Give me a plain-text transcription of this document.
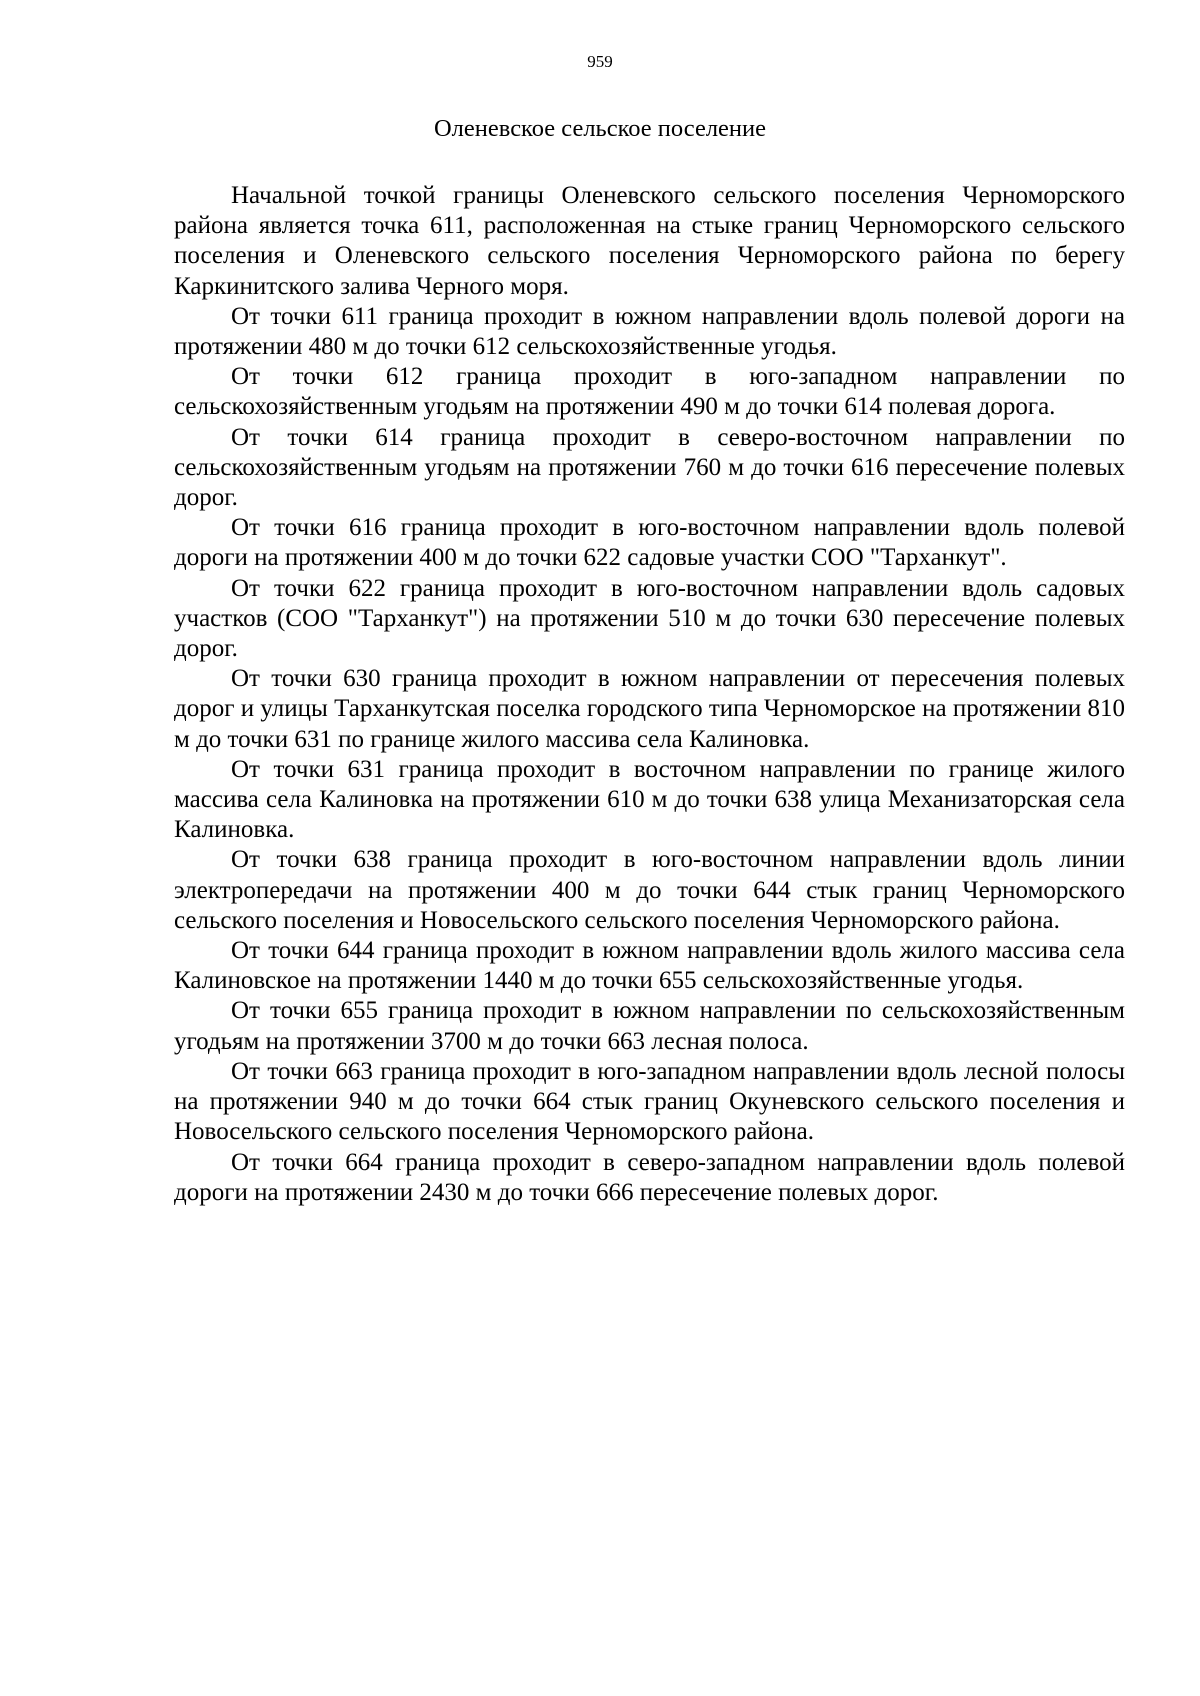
959
Оленевское сельское поселение

Начальной точкой границы Оленевского сельского поселения Черноморского района является точка 611, расположенная на стыке границ Черноморского сельского поселения и Оленевского сельского поселения Черноморского района по берегу Каркинитского залива Черного моря.

От точки 611 граница проходит в южном направлении вдоль полевой дороги на протяжении 480 м до точки 612 сельскохозяйственные угодья.

От точки 612 граница проходит в юго-западном направлении по сельскохозяйственным угодьям на протяжении 490 м до точки 614 полевая дорога.

От точки 614 граница проходит в северо-восточном направлении по сельскохозяйственным угодьям на протяжении 760 м до точки 616 пересечение полевых дорог.

От точки 616 граница проходит в юго-восточном направлении вдоль полевой дороги на протяжении 400 м до точки 622 садовые участки СОО "Тарханкут".

От точки 622 граница проходит в юго-восточном направлении вдоль садовых участков (СОО "Тарханкут") на протяжении 510 м до точки 630 пересечение полевых дорог.

От точки 630 граница проходит в южном направлении от пересечения полевых дорог и улицы Тарханкутская поселка городского типа Черноморское на протяжении 810 м до точки 631 по границе жилого массива села Калиновка.

От точки 631 граница проходит в восточном направлении по границе жилого массива села Калиновка на протяжении 610 м до точки 638 улица Механизаторская села Калиновка.

От точки 638 граница проходит в юго-восточном направлении вдоль линии электропередачи на протяжении 400 м до точки 644 стык границ Черноморского сельского поселения и Новосельского сельского поселения Черноморского района.

От точки 644 граница проходит в южном направлении вдоль жилого массива села Калиновское на протяжении 1440 м до точки 655 сельскохозяйственные угодья.

От точки 655 граница проходит в южном направлении по сельскохозяйственным угодьям на протяжении 3700 м до точки 663 лесная полоса.

От точки 663 граница проходит в юго-западном направлении вдоль лесной полосы на протяжении 940 м до точки 664 стык границ Окуневского сельского поселения и Новосельского сельского поселения Черноморского района.

От точки 664 граница проходит в северо-западном направлении вдоль полевой дороги на протяжении 2430 м до точки 666 пересечение полевых дорог.
